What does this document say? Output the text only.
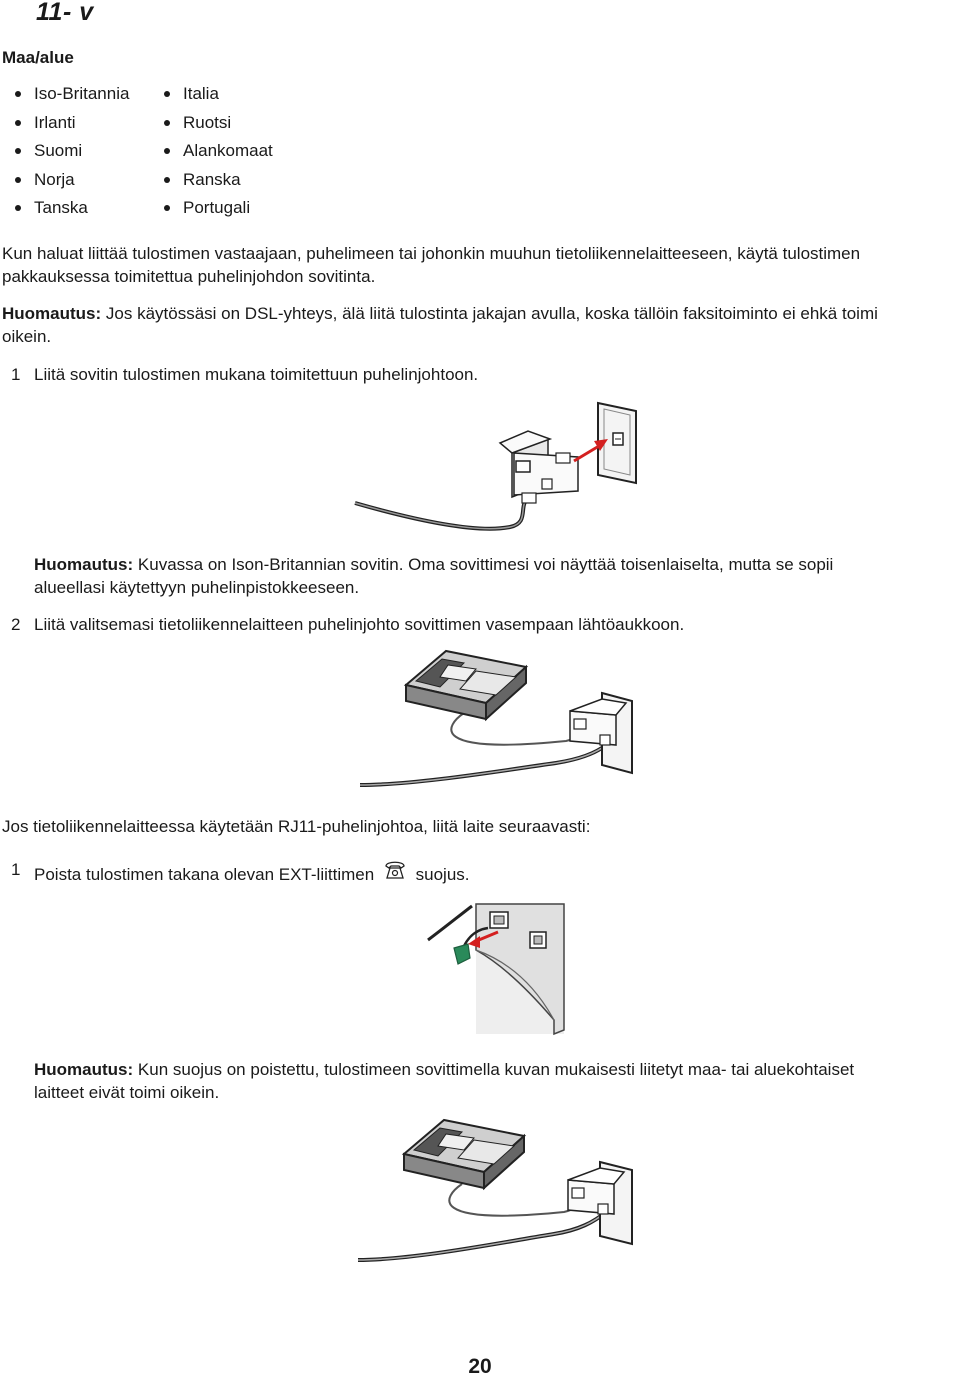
11- v
Maa/alue
Iso-Britannia
Irlanti
Suomi
Norja
Tanska
Italia
Ruotsi
Alankomaat
Ranska
Portugali
Kun haluat liittää tulostimen vastaajaan, puhelimeen tai johonkin muuhun tietoliikennelaitteeseen, käytä tulostimen
pakkauksessa toimitettua puhelinjohdon sovitinta.
Huomautus: Jos käytössäsi on DSL-yhteys, älä liitä tulostinta jakajan avulla, koska tällöin faksitoiminto ei ehkä toimi
oikein.
1 Liitä sovitin tulostimen mukana toimitettuun puhelinjohtoon.
Huomautus: Kuvassa on Ison-Britannian sovitin. Oma sovittimesi voi näyttää toisenlaiselta, mutta se sopii
alueellasi käytettyyn puhelinpistokkeeseen.
2 Liitä valitsemasi tietoliikennelaitteen puhelinjohto sovittimen vasempaan lähtöaukkoon.
Jos tietoliikennelaitteessa käytetään RJ11-puhelinjohtoa, liitä laite seuraavasti:
1 Poista tulostimen takana olevan EXT-liittimen suojus.
Huomautus: Kun suojus on poistettu, tulostimeen sovittimella kuvan mukaisesti liitetyt maa- tai aluekohtaiset
laitteet eivät toimi oikein.
20
